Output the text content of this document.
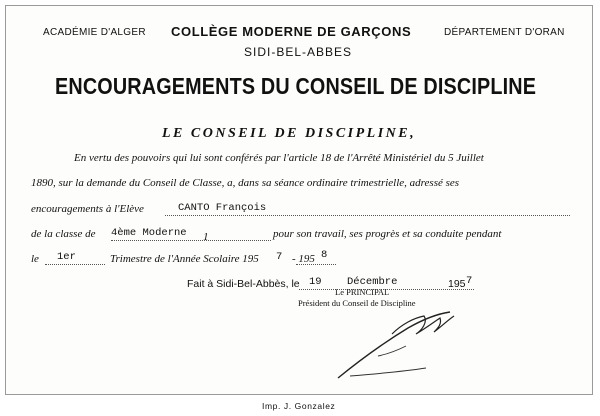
ACADÉMIE D'ALGER COLLÈGE MODERNE DE GARÇONS
SIDI-BEL-ABBES
DÉPARTEMENT D'ORAN
ENCOURAGEMENTS DU CONSEIL DE DISCIPLINE
LE CONSEIL DE DISCIPLINE,
En vertu des pouvoirs qui lui sont conférés par l'article 18 de l'Arrêté Ministériel du 5 Juillet
1890, sur la demande du Conseil de Classe, a, dans sa séance ordinaire trimestrielle, adressé ses
encouragements à l'Elève	CANTO François
de la classe de 4ème Moderne 1	pour son travail, ses progrès et sa conduite pendant
le 1er	Trimestre de l'Année Scolaire 195 7 - 195 8
Fait à Sidi-Bel-Abbès, le 19 Décembre	195 7
Le PRINCIPAL
Président du Conseil de Discipline
Imp. J. Gonzalez
